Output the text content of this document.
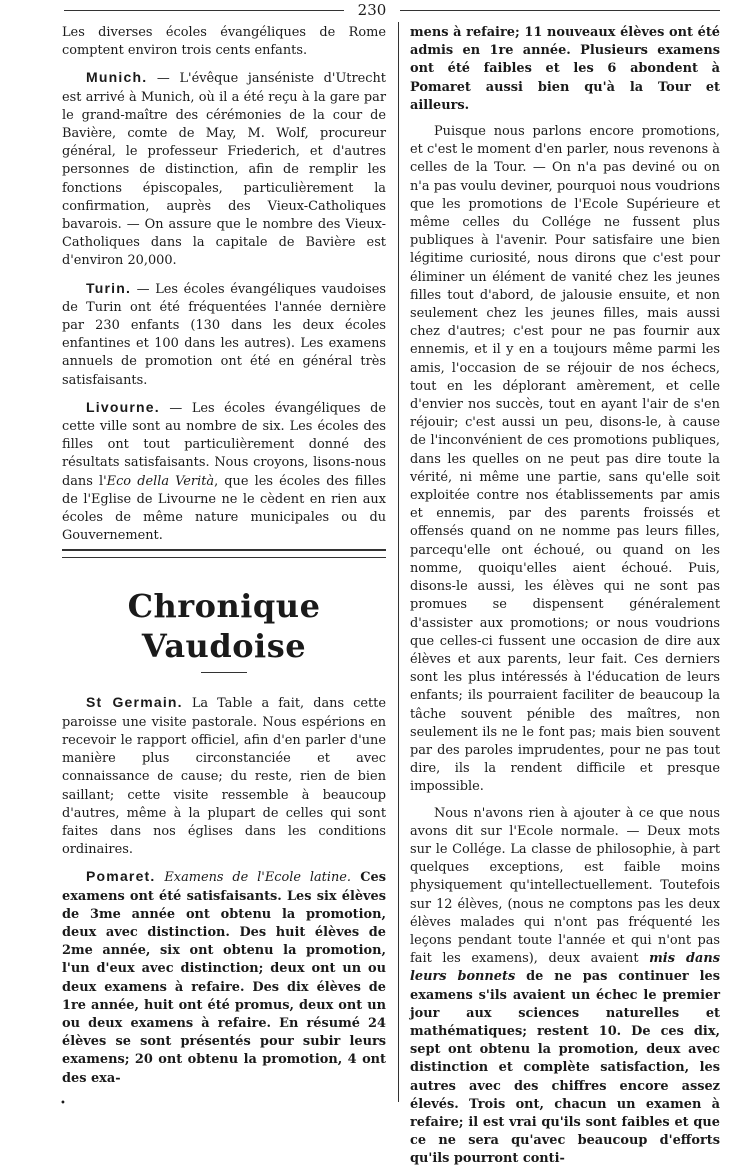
230

Les diverses écoles évangéliques de Rome comptent environ trois cents enfants.

Munich. — L'évêque janséniste d'Utrecht est arrivé à Munich, où il a été reçu à la gare par le grand-maître des cérémonies de la cour de Bavière, comte de May, M. Wolf, procureur général, le professeur Friederich, et d'autres personnes de distinction, afin de remplir les fonctions épiscopales, particulièrement la confirmation, auprès des Vieux-Catholiques bavarois. — On assure que le nombre des Vieux-Catholiques dans la capitale de Bavière est d'environ 20,000.

Turin. — Les écoles évangéliques vaudoises de Turin ont été fréquentées l'année dernière par 230 enfants (130 dans les deux écoles enfantines et 100 dans les autres). Les examens annuels de promotion ont été en général très satisfaisants.

Livourne. — Les écoles évangéliques de cette ville sont au nombre de six. Les écoles des filles ont tout particulièrement donné des résultats satisfaisants. Nous croyons, lisons-nous dans l'Eco della Verità, que les écoles des filles de l'Eglise de Livourne ne le cèdent en rien aux écoles de même nature municipales ou du Gouvernement.

Chronique Vaudoise

St Germain. La Table a fait, dans cette paroisse une visite pastorale. Nous espérions en recevoir le rapport officiel, afin d'en parler d'une manière plus circonstanciée et avec connaissance de cause; du reste, rien de bien saillant; cette visite ressemble à beaucoup d'autres, même à la plupart de celles qui sont faites dans nos églises dans les conditions ordinaires.

Pomaret. Examens de l'Ecole latine. Ces examens ont été satisfaisants. Les six élèves de 3me année ont obtenu la promotion, deux avec distinction. Des huit élèves de 2me année, six ont obtenu la promotion, l'un d'eux avec distinction; deux ont un ou deux examens à refaire. Des dix élèves de 1re année, huit ont été promus, deux ont un ou deux examens à refaire. En résumé 24 élèves se sont présentés pour subir leurs examens; 20 ont obtenu la promotion, 4 ont des exa-

mens à refaire; 11 nouveaux élèves ont été admis en 1re année. Plusieurs examens ont été faibles et les 6 abondent à Pomaret aussi bien qu'à la Tour et ailleurs.

Puisque nous parlons encore promotions, et c'est le moment d'en parler, nous revenons à celles de la Tour. — On n'a pas deviné ou on n'a pas voulu deviner, pourquoi nous voudrions que les promotions de l'Ecole Supérieure et même celles du Collége ne fussent plus publiques à l'avenir. Pour satisfaire une bien légitime curiosité, nous dirons que c'est pour éliminer un élément de vanité chez les jeunes filles tout d'abord, de jalousie ensuite, et non seulement chez les jeunes filles, mais aussi chez d'autres; c'est pour ne pas fournir aux ennemis, et il y en a toujours même parmi les amis, l'occasion de se réjouir de nos échecs, tout en les déplorant amèrement, et celle d'envier nos succès, tout en ayant l'air de s'en réjouir; c'est aussi un peu, disons-le, à cause de l'inconvénient de ces promotions publiques, dans les quelles on ne peut pas dire toute la vérité, ni même une partie, sans qu'elle soit exploitée contre nos établissements par amis et ennemis, par des parents froissés et offensés quand on ne nomme pas leurs filles, parcequ'elle ont échoué, ou quand on les nomme, quoiqu'elles aient échoué. Puis, disons-le aussi, les élèves qui ne sont pas promues se dispensent généralement d'assister aux promotions; or nous voudrions que celles-ci fussent une occasion de dire aux élèves et aux parents, leur fait. Ces derniers sont les plus intéressés à l'éducation de leurs enfants; ils pourraient faciliter de beaucoup la tâche souvent pénible des maîtres, non seulement ils ne le font pas; mais bien souvent par des paroles imprudentes, pour ne pas tout dire, ils la rendent difficile et presque impossible.

Nous n'avons rien à ajouter à ce que nous avons dit sur l'Ecole normale. — Deux mots sur le Collége. La classe de philosophie, à part quelques exceptions, est faible moins physiquement qu'intellectuellement. Toutefois sur 12 élèves, (nous ne comptons pas les deux élèves malades qui n'ont pas fréquenté les leçons pendant toute l'année et qui n'ont pas fait les examens), deux avaient mis dans leurs bonnets de ne pas continuer les examens s'ils avaient un échec le premier jour aux sciences naturelles et mathématiques; restent 10. De ces dix, sept ont obtenu la promotion, deux avec distinction et complète satisfaction, les autres avec des chiffres encore assez élevés. Trois ont, chacun un examen à refaire; il est vrai qu'ils sont faibles et que ce ne sera qu'avec beaucoup d'efforts qu'ils pourront conti-

•
